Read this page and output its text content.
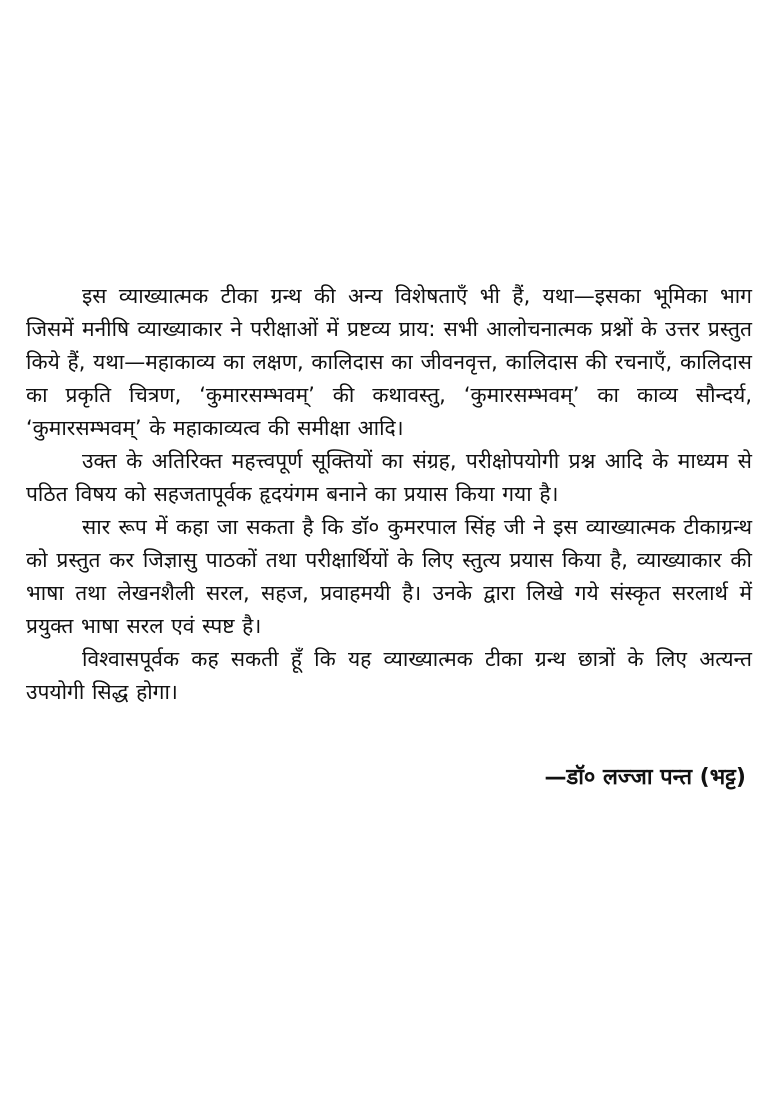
इस व्याख्यात्मक टीका ग्रन्थ की अन्य विशेषताएँ भी हैं, यथा—इसका भूमिका भाग जिसमें मनीषि व्याख्याकार ने परीक्षाओं में प्रष्टव्य प्राय: सभी आलोचनात्मक प्रश्नों के उत्तर प्रस्तुत किये हैं, यथा—महाकाव्य का लक्षण, कालिदास का जीवनवृत्त, कालिदास की रचनाएँ, कालिदास का प्रकृति चित्रण, ‘कुमारसम्भवम्’ की कथावस्तु, ‘कुमारसम्भवम्’ का काव्य सौन्दर्य, ‘कुमारसम्भवम्’ के महाकाव्यत्व की समीक्षा आदि।

उक्त के अतिरिक्त महत्त्वपूर्ण सूक्तियों का संग्रह, परीक्षोपयोगी प्रश्न आदि के माध्यम से पठित विषय को सहजतापूर्वक हृदयंगम बनाने का प्रयास किया गया है।

सार रूप में कहा जा सकता है कि डॉ० कुमरपाल सिंह जी ने इस व्याख्यात्मक टीकाग्रन्थ को प्रस्तुत कर जिज्ञासु पाठकों तथा परीक्षार्थियों के लिए स्तुत्य प्रयास किया है, व्याख्याकार की भाषा तथा लेखनशैली सरल, सहज, प्रवाहमयी है। उनके द्वारा लिखे गये संस्कृत सरलार्थ में प्रयुक्त भाषा सरल एवं स्पष्ट है।

विश्वासपूर्वक कह सकती हूँ कि यह व्याख्यात्मक टीका ग्रन्थ छात्रों के लिए अत्यन्त उपयोगी सिद्ध होगा।

—डॉ० लज्जा पन्त (भट्ट)
